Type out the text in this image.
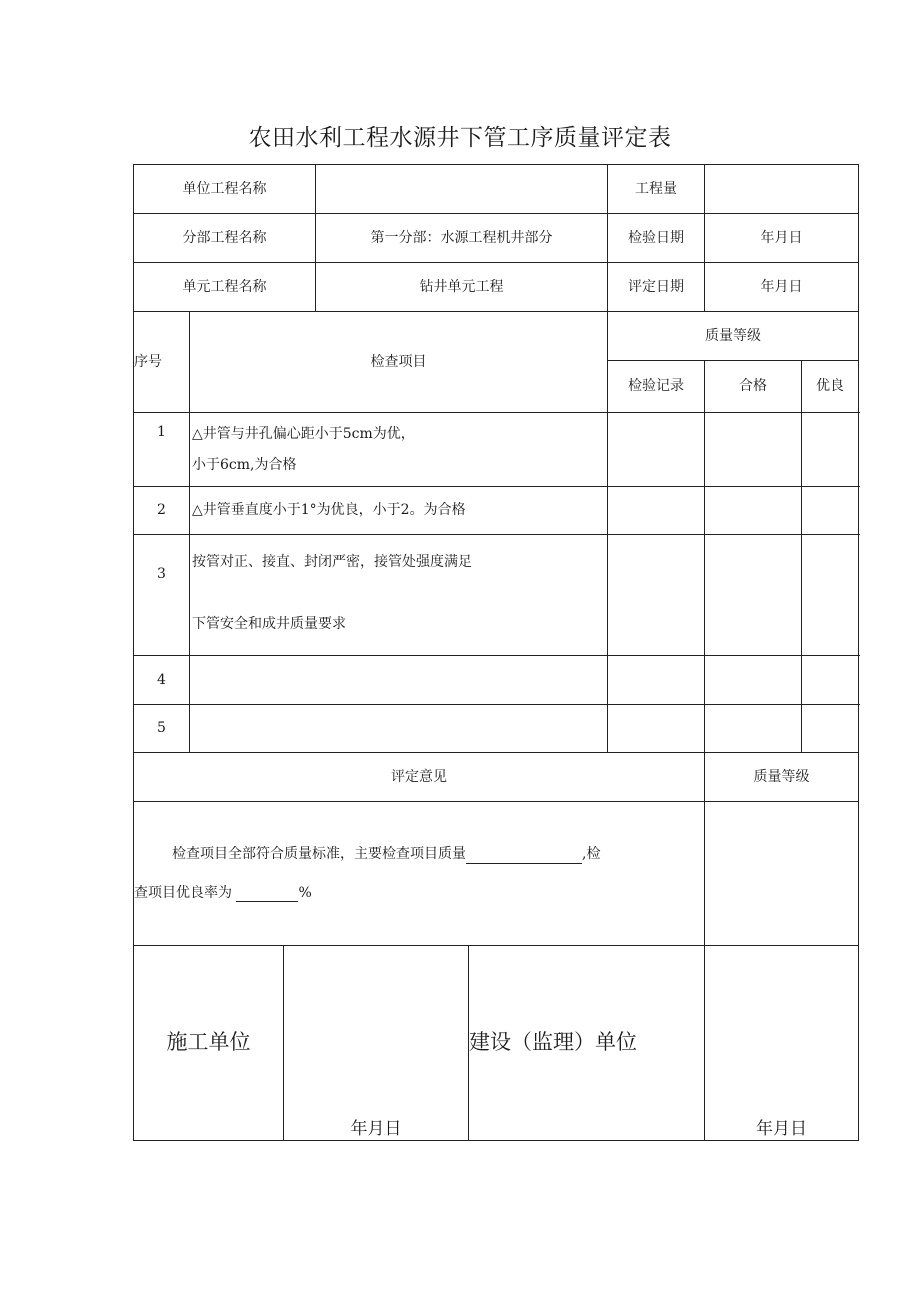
农田水利工程水源井下管工序质量评定表
单位工程名称					工程量		
分部工程名称			第一分部：水源工程机井部分		检验日期	年月日	
单元工程名称			钻井单元工程		评定日期	年月日	
序号	检查项目				质量等级		
					检验记录	合格	优良
1	△井管与井孔偏心距小于5cm为优，
小于6cm,为合格						

2	△井管垂直度小于1°为优良，小于2。为合格						

3	按管对正、接直、封闭严密，接管处强度满足
下管安全和成井质量要求						

4				

5				

评定意见						质量等级	

检查项目全部符合质量标准，主要检查项目质量 ,检
查项目优良率为 %							

施工单位		年月日		建设（监理）单位		年月日	
